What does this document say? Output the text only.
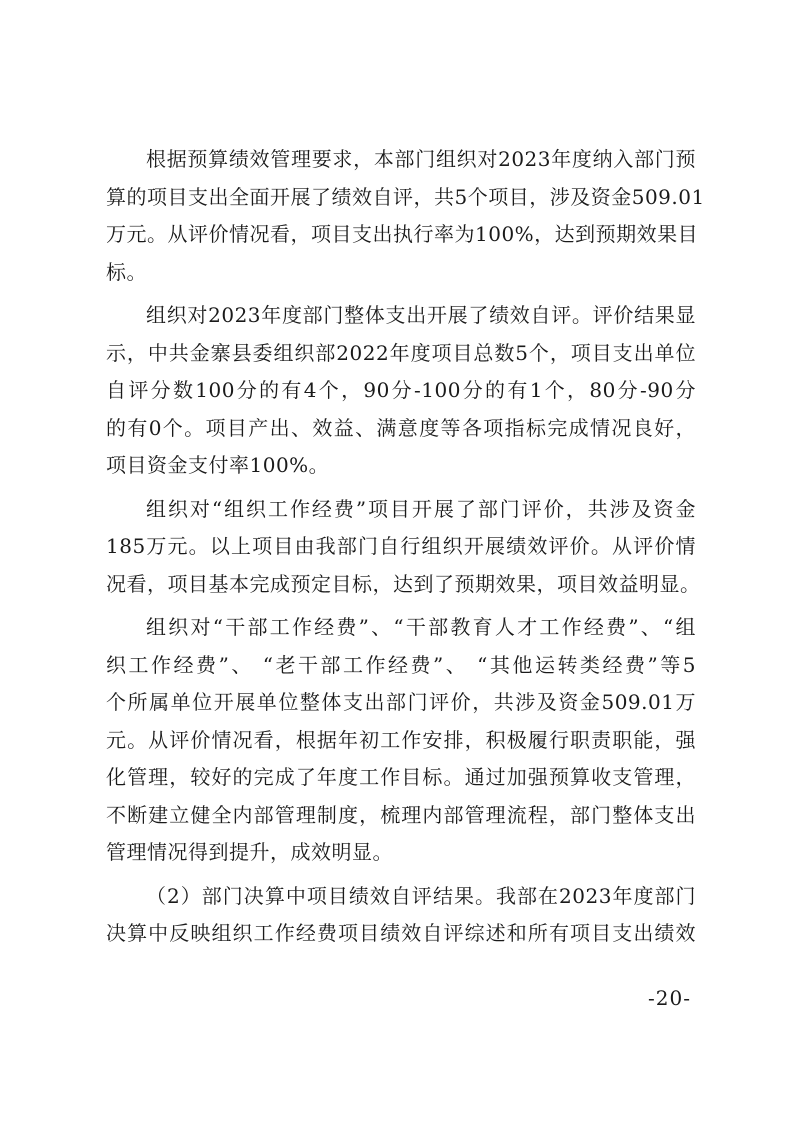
根据预算绩效管理要求，本部门组织对2023年度纳入部门预
算的项目支出全面开展了绩效自评，共5个项目，涉及资金509.01
万元。从评价情况看，项目支出执行率为100%，达到预期效果目
标。

组织对2023年度部门整体支出开展了绩效自评。评价结果显
示，中共金寨县委组织部2022年度项目总数5个，项目支出单位
自评分数100分的有4个，90分-100分的有1个，80分-90分
的有0个。项目产出、效益、满意度等各项指标完成情况良好，
项目资金支付率100%。

组织对“组织工作经费”项目开展了部门评价，共涉及资金
185万元。以上项目由我部门自行组织开展绩效评价。从评价情
况看，项目基本完成预定目标，达到了预期效果，项目效益明显。

组织对“干部工作经费”、“干部教育人才工作经费”、“组
织工作经费”、 “老干部工作经费”、 “其他运转类经费”等5
个所属单位开展单位整体支出部门评价，共涉及资金509.01万
元。从评价情况看，根据年初工作安排，积极履行职责职能，强
化管理，较好的完成了年度工作目标。通过加强预算收支管理，
不断建立健全内部管理制度，梳理内部管理流程，部门整体支出
管理情况得到提升，成效明显。

（2）部门决算中项目绩效自评结果。我部在2023年度部门
决算中反映组织工作经费项目绩效自评综述和所有项目支出绩效

-20-
